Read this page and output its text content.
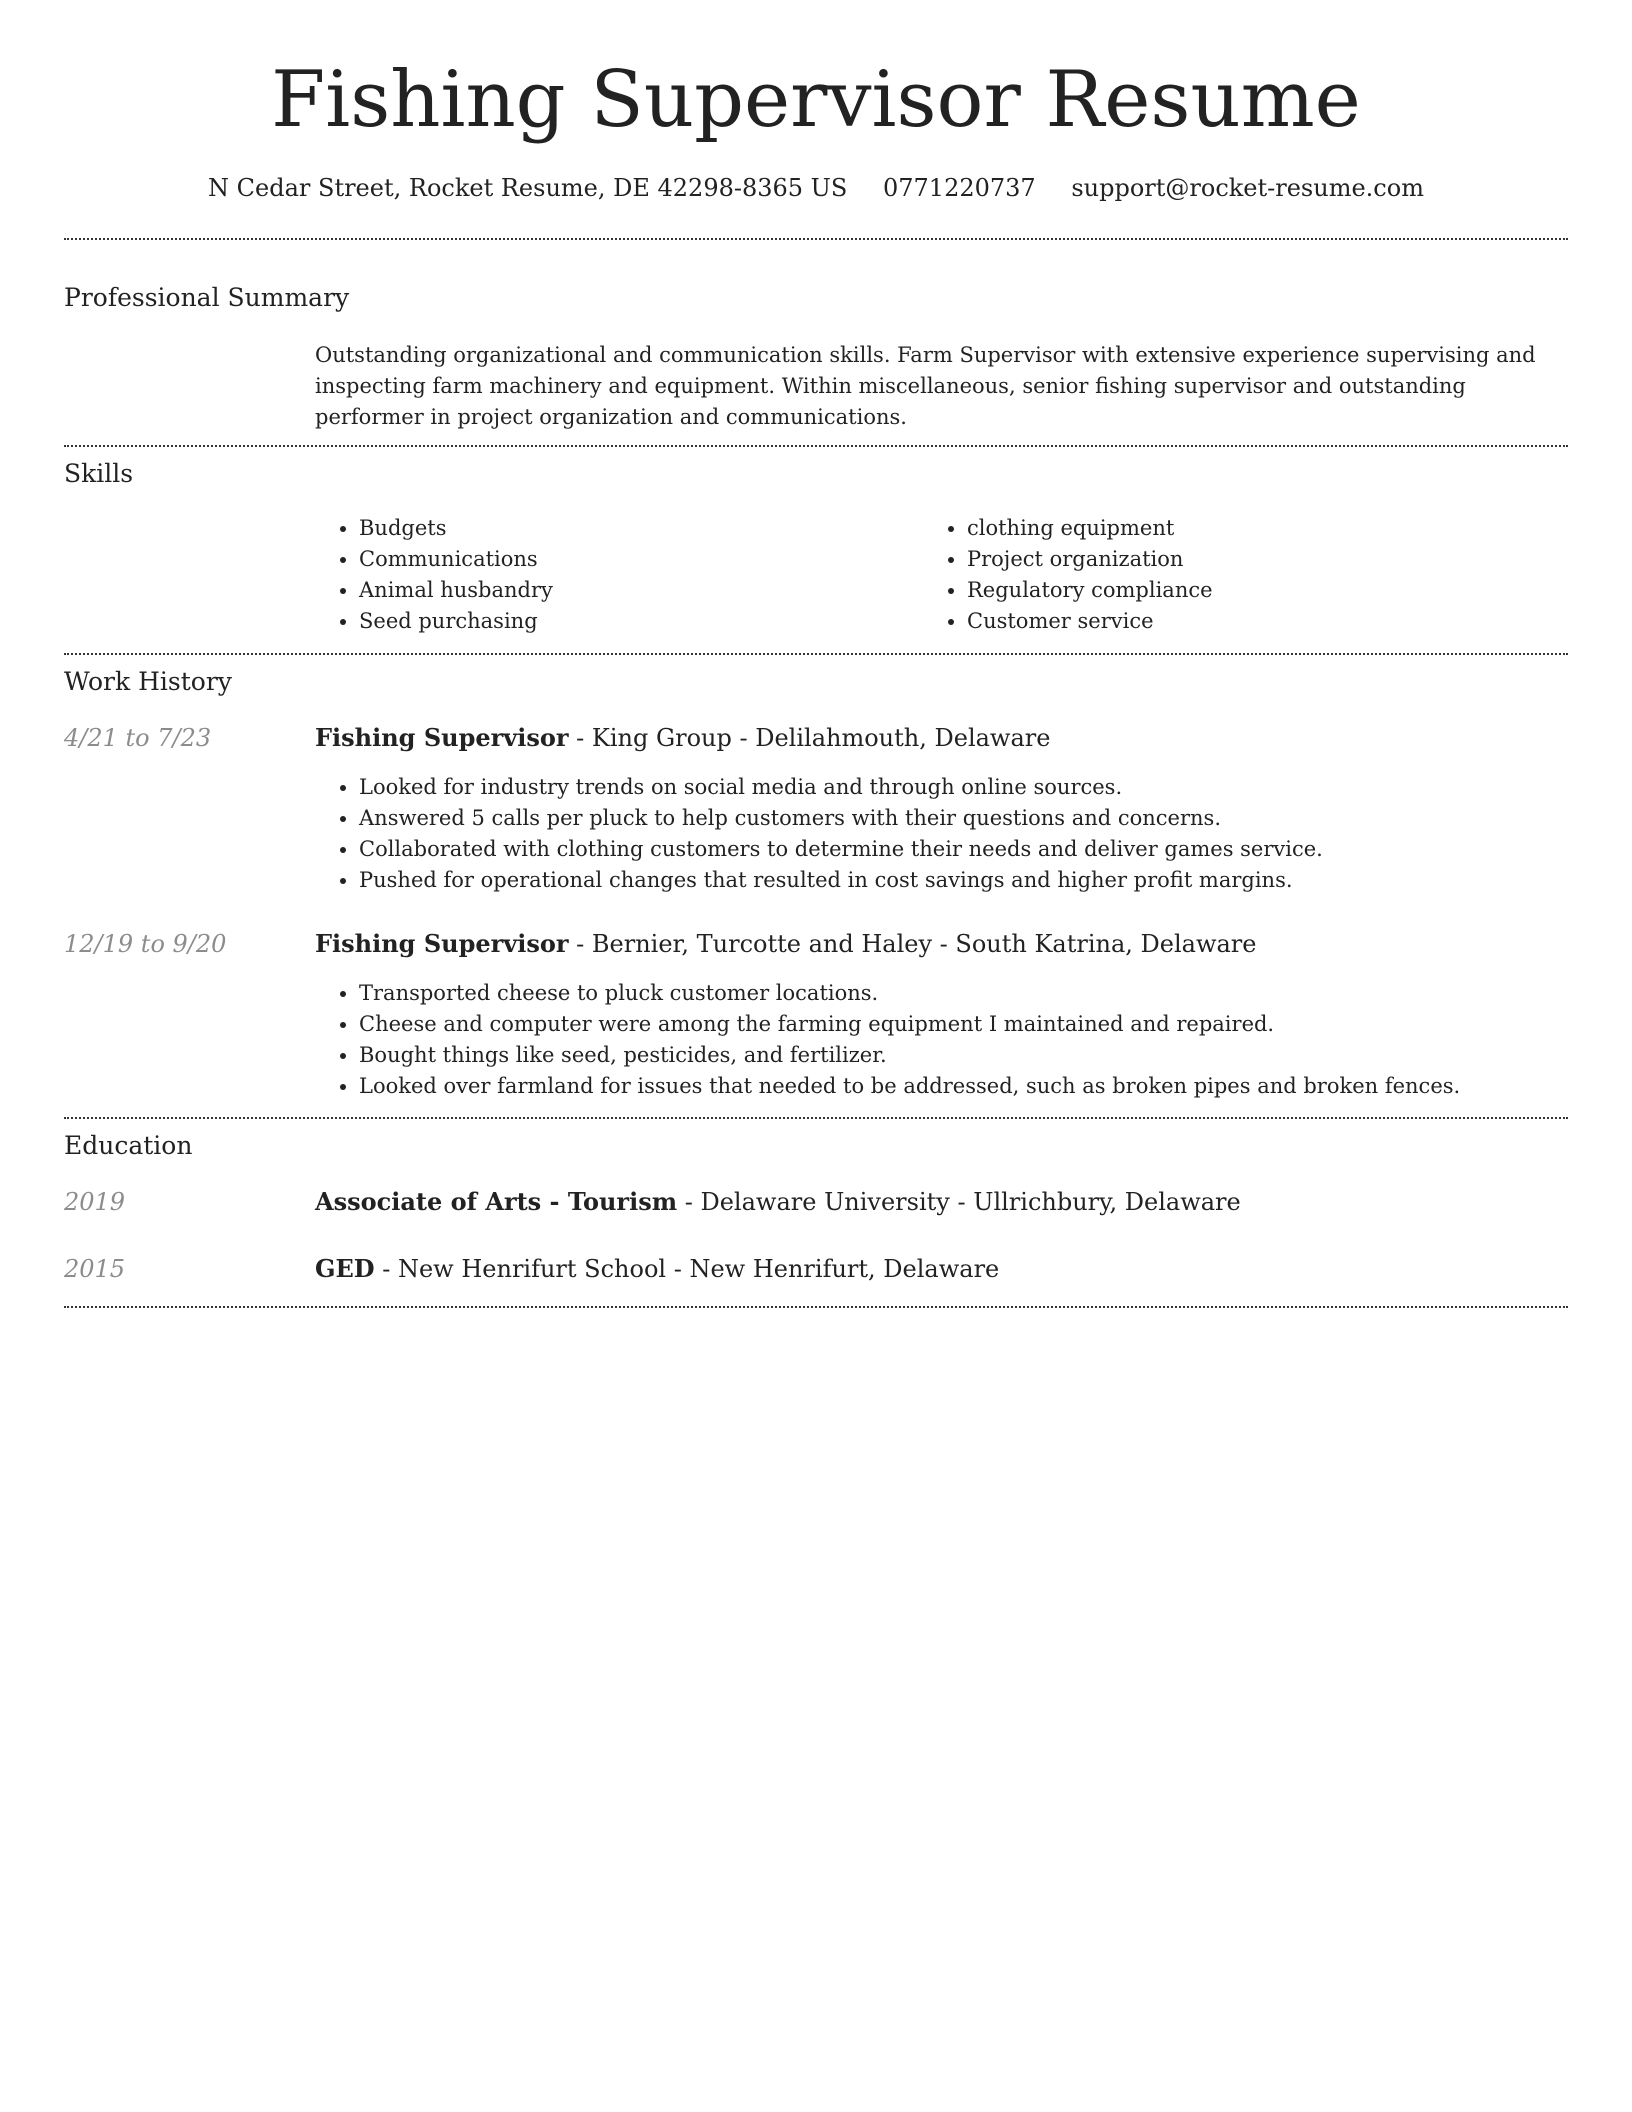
Fishing Supervisor Resume
N Cedar Street, Rocket Resume, DE 42298-8365 US 0771220737 support@rocket-resume.com
Professional Summary
Outstanding organizational and communication skills. Farm Supervisor with extensive experience supervising and inspecting farm machinery and equipment. Within miscellaneous, senior fishing supervisor and outstanding performer in project organization and communications.
Skills
• Budgets
• Communications
• Animal husbandry
• Seed purchasing
• clothing equipment
• Project organization
• Regulatory compliance
• Customer service
Work History
4/21 to 7/23	Fishing Supervisor - King Group - Delilahmouth, Delaware
• Looked for industry trends on social media and through online sources.
• Answered 5 calls per pluck to help customers with their questions and concerns.
• Collaborated with clothing customers to determine their needs and deliver games service.
• Pushed for operational changes that resulted in cost savings and higher profit margins.
12/19 to 9/20	Fishing Supervisor - Bernier, Turcotte and Haley - South Katrina, Delaware
• Transported cheese to pluck customer locations.
• Cheese and computer were among the farming equipment I maintained and repaired.
• Bought things like seed, pesticides, and fertilizer.
• Looked over farmland for issues that needed to be addressed, such as broken pipes and broken fences.
Education
2019	Associate of Arts - Tourism - Delaware University - Ullrichbury, Delaware
2015	GED - New Henrifurt School - New Henrifurt, Delaware
